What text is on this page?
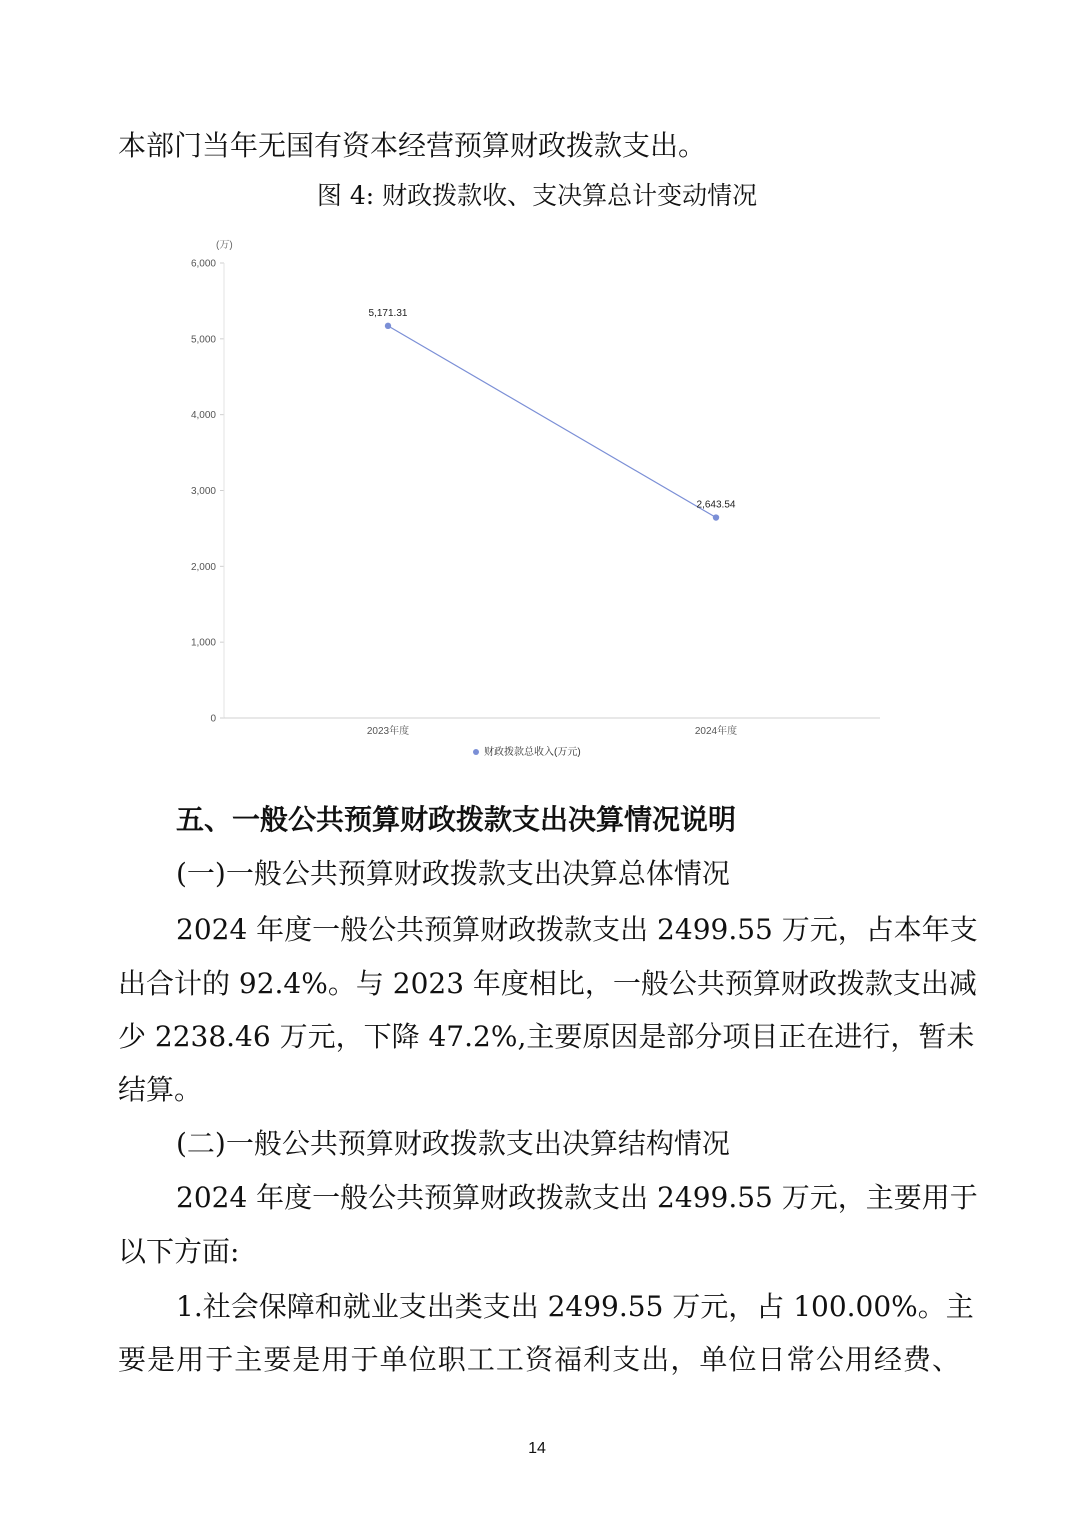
本部门当年无国有资本经营预算财政拨款支出。
图 4: 财政拨款收、支决算总计变动情况
(万)
0
1,000
2,000
3,000
4,000
5,000
6,000
2023年度	2024年度
5,171.31
2,643.54
财政拨款总收入(万元)
五、一般公共预算财政拨款支出决算情况说明
(一)一般公共预算财政拨款支出决算总体情况
2024 年度一般公共预算财政拨款支出 2499.55 万元，占本年支
出合计的 92.4%。与 2023 年度相比，一般公共预算财政拨款支出减
少 2238.46 万元，下降 47.2%,主要原因是部分项目正在进行，暂未
结算。
(二)一般公共预算财政拨款支出决算结构情况
2024 年度一般公共预算财政拨款支出 2499.55 万元，主要用于
以下方面:
1.社会保障和就业支出类支出 2499.55 万元，占 100.00%。主
要是用于主要是用于单位职工工资福利支出，单位日常公用经费、
14
